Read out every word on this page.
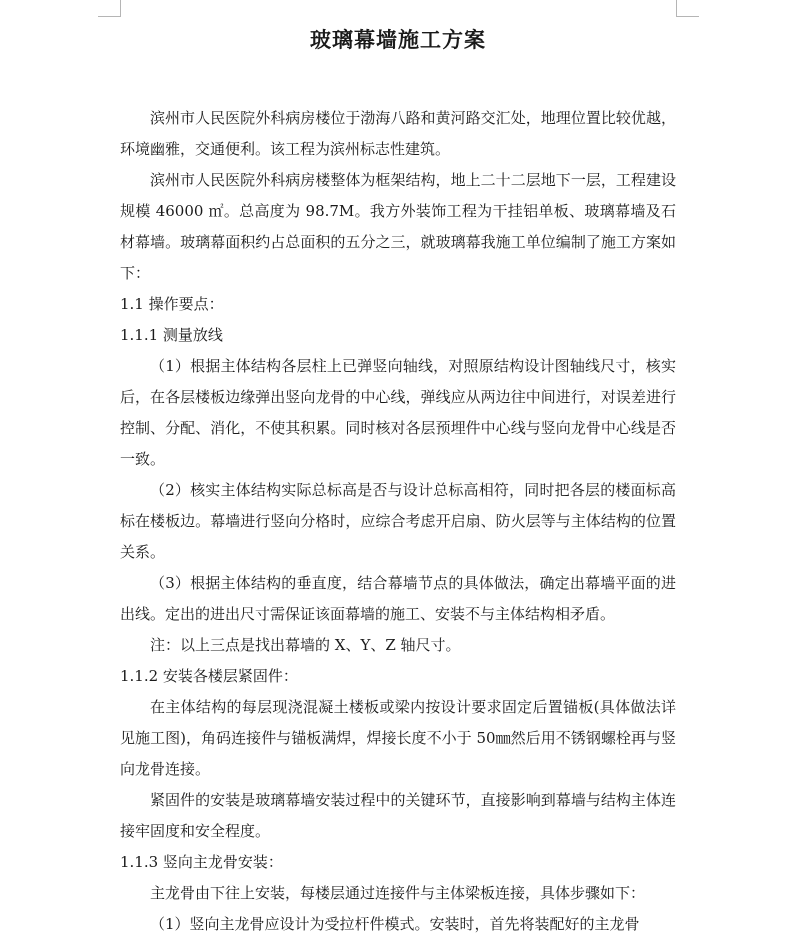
玻璃幕墙施工方案

滨州市人民医院外科病房楼位于渤海八路和黄河路交汇处，地理位置比较优越，环境幽雅，交通便利。该工程为滨州标志性建筑。

滨州市人民医院外科病房楼整体为框架结构，地上二十二层地下一层，工程建设规模 46000 ㎡。总高度为 98.7M。我方外装饰工程为干挂铝单板、玻璃幕墙及石材幕墙。玻璃幕面积约占总面积的五分之三，就玻璃幕我施工单位编制了施工方案如下：

1.1 操作要点：

1.1.1 测量放线

（1）根据主体结构各层柱上已弹竖向轴线，对照原结构设计图轴线尺寸，核实后，在各层楼板边缘弹出竖向龙骨的中心线，弹线应从两边往中间进行，对误差进行控制、分配、消化，不使其积累。同时核对各层预埋件中心线与竖向龙骨中心线是否一致。

（2）核实主体结构实际总标高是否与设计总标高相符，同时把各层的楼面标高标在楼板边。幕墙进行竖向分格时，应综合考虑开启扇、防火层等与主体结构的位置关系。

（3）根据主体结构的垂直度，结合幕墙节点的具体做法，确定出幕墙平面的进出线。定出的进出尺寸需保证该面幕墙的施工、安装不与主体结构相矛盾。

注：以上三点是找出幕墙的 X、Y、Z 轴尺寸。

1.1.2 安装各楼层紧固件：

在主体结构的每层现浇混凝土楼板或梁内按设计要求固定后置锚板(具体做法详见施工图)，角码连接件与锚板满焊，焊接长度不小于 50㎜然后用不锈钢螺栓再与竖向龙骨连接。

紧固件的安装是玻璃幕墙安装过程中的关键环节，直接影响到幕墙与结构主体连接牢固度和安全程度。

1.1.3 竖向主龙骨安装：

主龙骨由下往上安装，每楼层通过连接件与主体梁板连接，具体步骤如下：

（1）竖向主龙骨应设计为受拉杆件模式。安装时，首先将装配好的主龙骨
